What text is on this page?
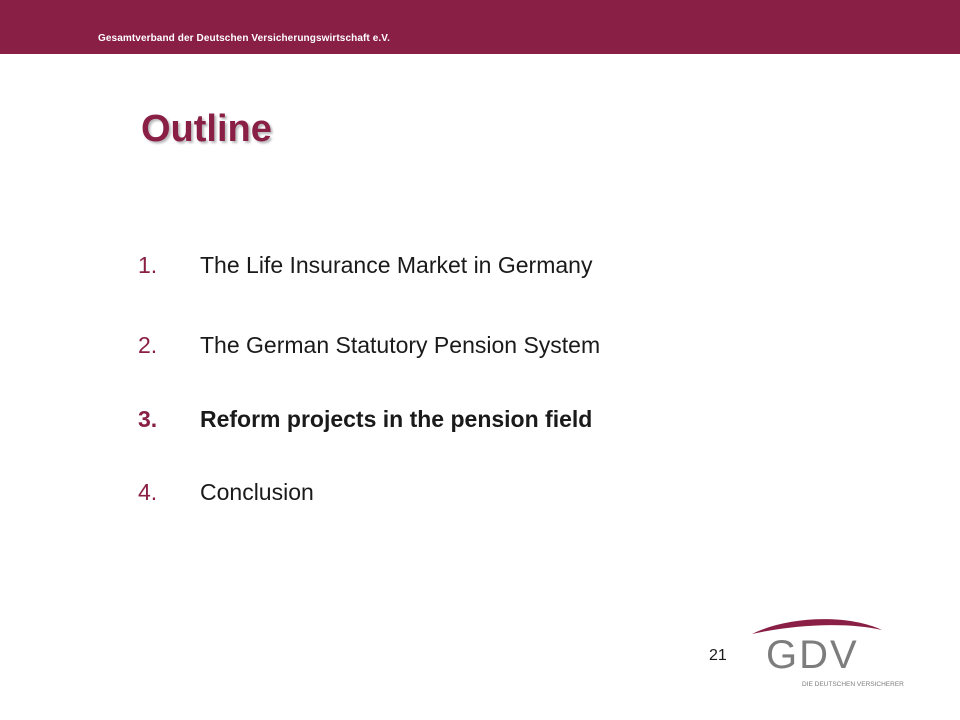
Gesamtverband der Deutschen Versicherungswirtschaft e.V.
Outline
1. The Life Insurance Market in Germany
2. The German Statutory Pension System
3. Reform projects in the pension field
4. Conclusion
21 GDV
DIE DEUTSCHEN VERSICHERER
